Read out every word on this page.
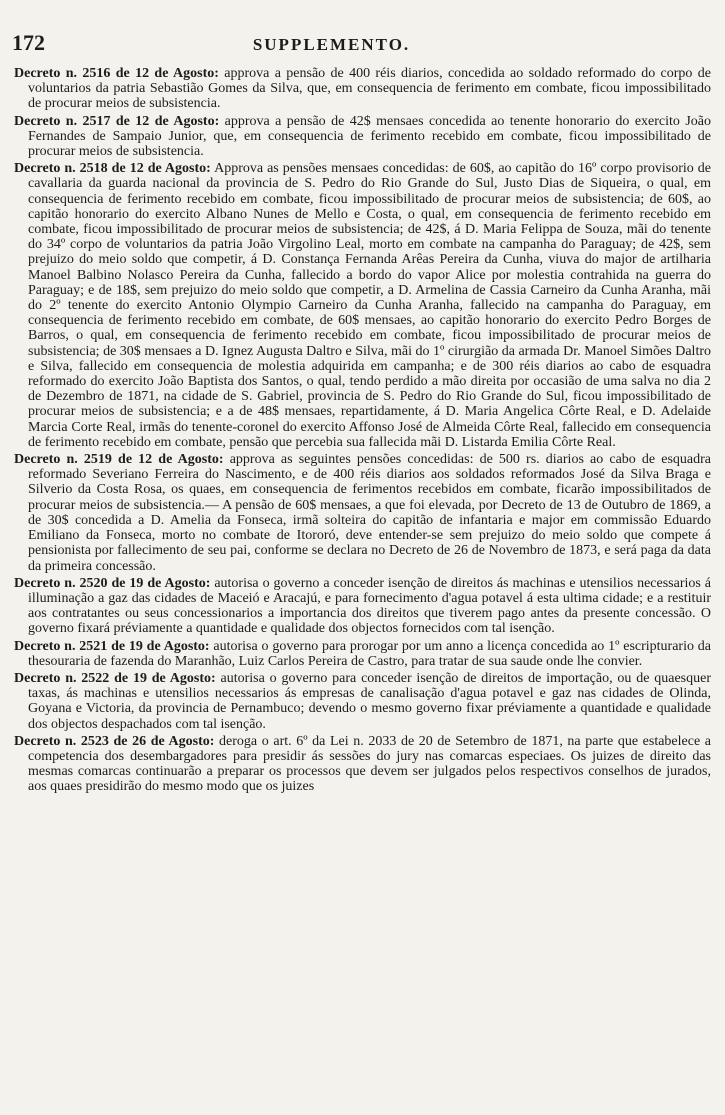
172	SUPPLEMENTO.

Decreto n. 2516 de 12 de Agosto: approva a pensão de 400 réis diarios, concedida ao soldado reformado do corpo de voluntarios da patria Sebastião Gomes da Silva, que, em consequencia de ferimento em combate, ficou impossibilitado de procurar meios de subsistencia.

Decreto n. 2517 de 12 de Agosto: approva a pensão de 42$ mensaes concedida ao tenente honorario do exercito João Fernandes de Sampaio Junior, que, em consequencia de ferimento recebido em combate, ficou impossibilitado de procurar meios de subsistencia.

Decreto n. 2518 de 12 de Agosto: Approva as pensões mensaes concedidas: de 60$, ao capitão do 16º corpo provisorio de cavallaria da guarda nacional da provincia de S. Pedro do Rio Grande do Sul, Justo Dias de Siqueira, o qual, em consequencia de ferimento recebido em combate, ficou impossibilitado de procurar meios de subsistencia; de 60$, ao capitão honorario do exercito Albano Nunes de Mello e Costa, o qual, em consequencia de ferimento recebido em combate, ficou impossibilitado de procurar meios de subsistencia; de 42$, á D. Maria Felippa de Souza, mãi do tenente do 34º corpo de voluntarios da patria João Virgolino Leal, morto em combate na campanha do Paraguay; de 42$, sem prejuizo do meio soldo que competir, á D. Constança Fernanda Arêas Pereira da Cunha, viuva do major de artilharia Manoel Balbino Nolasco Pereira da Cunha, fallecido a bordo do vapor Alice por molestia contrahida na guerra do Paraguay; e de 18$, sem prejuizo do meio soldo que competir, a D. Armelina de Cassia Carneiro da Cunha Aranha, mãi do 2º tenente do exercito Antonio Olympio Carneiro da Cunha Aranha, fallecido na campanha do Paraguay, em consequencia de ferimento recebido em combate, de 60$ mensaes, ao capitão honorario do exercito Pedro Borges de Barros, o qual, em consequencia de ferimento recebido em combate, ficou impossibilitado de procurar meios de subsistencia; de 30$ mensaes a D. Ignez Augusta Daltro e Silva, mãi do 1º cirurgião da armada Dr. Manoel Simões Daltro e Silva, fallecido em consequencia de molestia adquirida em campanha; e de 300 réis diarios ao cabo de esquadra reformado do exercito João Baptista dos Santos, o qual, tendo perdido a mão direita por occasião de uma salva no dia 2 de Dezembro de 1871, na cidade de S. Gabriel, provincia de S. Pedro do Rio Grande do Sul, ficou impossibilitado de procurar meios de subsistencia; e a de 48$ mensaes, repartidamente, á D. Maria Angelica Côrte Real, e D. Adelaide Marcia Corte Real, irmãs do tenente-coronel do exercito Affonso José de Almeida Côrte Real, fallecido em consequencia de ferimento recebido em combate, pensão que percebia sua fallecida mãi D. Listarda Emilia Côrte Real.

Decreto n. 2519 de 12 de Agosto: approva as seguintes pensões concedidas: de 500 rs. diarios ao cabo de esquadra reformado Severiano Ferreira do Nascimento, e de 400 réis diarios aos soldados reformados José da Silva Braga e Silverio da Costa Rosa, os quaes, em consequencia de ferimentos recebidos em combate, ficarão impossibilitados de procurar meios de subsistencia.— A pensão de 60$ mensaes, a que foi elevada, por Decreto de 13 de Outubro de 1869, a de 30$ concedida a D. Amelia da Fonseca, irmã solteira do capitão de infantaria e major em commissão Eduardo Emiliano da Fonseca, morto no combate de Itororó, deve entender-se sem prejuizo do meio soldo que compete á pensionista por fallecimento de seu pai, conforme se declara no Decreto de 26 de Novembro de 1873, e será paga da data da primeira concessão.

Decreto n. 2520 de 19 de Agosto: autorisa o governo a conceder isenção de direitos ás machinas e utensilios necessarios á illuminação a gaz das cidades de Maceió e Aracajú, e para fornecimento d'agua potavel á esta ultima cidade; e a restituir aos contratantes ou seus concessionarios a importancia dos direitos que tiverem pago antes da presente concessão. O governo fixará préviamente a quantidade e qualidade dos objectos fornecidos com tal isenção.

Decreto n. 2521 de 19 de Agosto: autorisa o governo para prorogar por um anno a licença concedida ao 1º escripturario da thesouraria de fazenda do Maranhão, Luiz Carlos Pereira de Castro, para tratar de sua saude onde lhe convier.

Decreto n. 2522 de 19 de Agosto: autorisa o governo para conceder isenção de direitos de importação, ou de quaesquer taxas, ás machinas e utensilios necessarios ás empresas de canalisação d'agua potavel e gaz nas cidades de Olinda, Goyana e Victoria, da provincia de Pernambuco; devendo o mesmo governo fixar préviamente a quantidade e qualidade dos objectos despachados com tal isenção.

Decreto n. 2523 de 26 de Agosto: deroga o art. 6º da Lei n. 2033 de 20 de Setembro de 1871, na parte que estabelece a competencia dos desembargadores para presidir ás sessões do jury nas comarcas especiaes. Os juizes de direito das mesmas comarcas continuarão a preparar os processos que devem ser julgados pelos respectivos conselhos de jurados, aos quaes presidirão do mesmo modo que os juizes
